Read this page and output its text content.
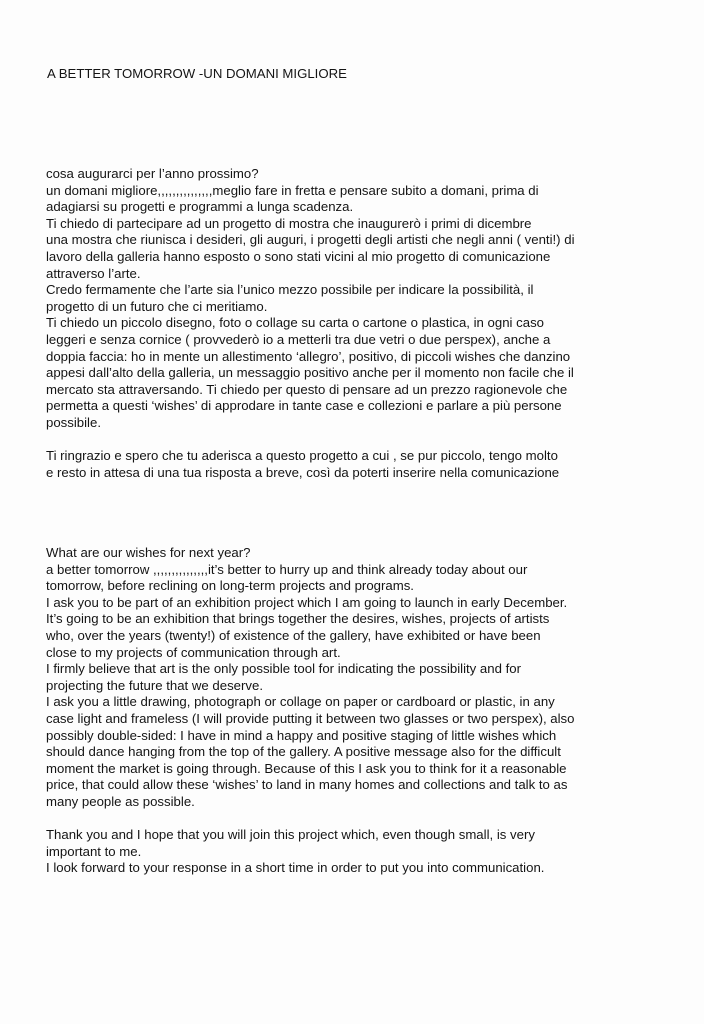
A BETTER TOMORROW -UN DOMANI MIGLIORE
cosa augurarci per l’anno prossimo?
un domani migliore,,,,,,,,,,,,,,,meglio fare in fretta e pensare subito a domani, prima di
adagiarsi su progetti e programmi a lunga scadenza.
Ti chiedo di partecipare ad un progetto di mostra che inaugurerò i primi di dicembre
una mostra che riunisca i desideri, gli auguri, i progetti degli artisti che negli anni ( venti!) di
lavoro della galleria hanno esposto o sono stati vicini al mio progetto di comunicazione
attraverso l’arte.
Credo fermamente che l’arte sia l’unico mezzo possibile per indicare la possibilità, il
progetto di un futuro che ci meritiamo.
Ti chiedo un piccolo disegno, foto o collage su carta o cartone o plastica, in ogni caso
leggeri e senza cornice ( provvederò io a metterli tra due vetri o due perspex), anche a
doppia faccia: ho in mente un allestimento ‘allegro’, positivo, di piccoli wishes che danzino
appesi dall’alto della galleria, un messaggio positivo anche per il momento non facile che il
mercato sta attraversando. Ti chiedo per questo di pensare ad un prezzo ragionevole che
permetta a questi ‘wishes’ di approdare in tante case e collezioni e parlare a più persone
possibile.
Ti ringrazio e spero che tu aderisca a questo progetto a cui , se pur piccolo, tengo molto
e resto in attesa di una tua risposta a breve, così da poterti inserire nella comunicazione
What are our wishes for next year?
a better tomorrow ,,,,,,,,,,,,,,,it’s better to hurry up and think already today about our
tomorrow, before reclining on long-term projects and programs.
I ask you to be part of an exhibition project which I am going to launch in early December.
It’s going to be an exhibition that brings together the desires, wishes, projects of artists
who, over the years (twenty!) of existence of the gallery, have exhibited or have been
close to my projects of communication through art.
I firmly believe that art is the only possible tool for indicating the possibility and for
projecting the future that we deserve.
I ask you a little drawing, photograph or collage on paper or cardboard or plastic, in any
case light and frameless (I will provide putting it between two glasses or two perspex), also
possibly double-sided: I have in mind a happy and positive staging of little wishes which
should dance hanging from the top of the gallery. A positive message also for the difficult
moment the market is going through. Because of this I ask you to think for it a reasonable
price, that could allow these ‘wishes’ to land in many homes and collections and talk to as
many people as possible.
Thank you and I hope that you will join this project which, even though small, is very
important to me.
I look forward to your response in a short time in order to put you into communication.
